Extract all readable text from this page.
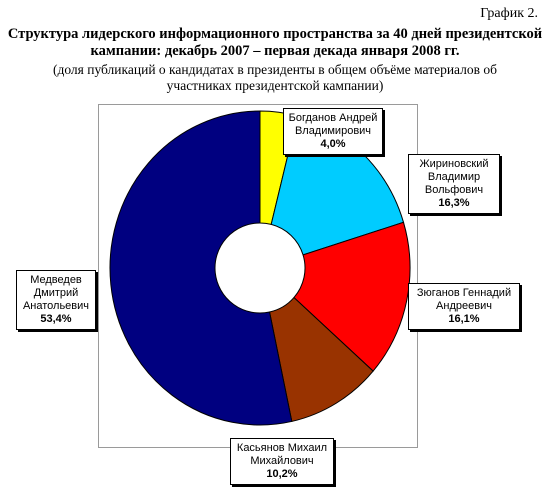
График 2.
Структура лидерского информационного пространства за 40 дней президентской
кампании: декабрь 2007 – первая декада января 2008 гг.
(доля публикаций о кандидатах в президенты в общем объёме материалов об
участниках президентской кампании)
Богданов Андрей
Владимирович
4,0%
Жириновский
Владимир
Вольфович
16,3%
Зюганов Геннадий
Андреевич
16,1%
Касьянов Михаил
Михайлович
10,2%
Медведев
Дмитрий
Анатольевич
53,4%
